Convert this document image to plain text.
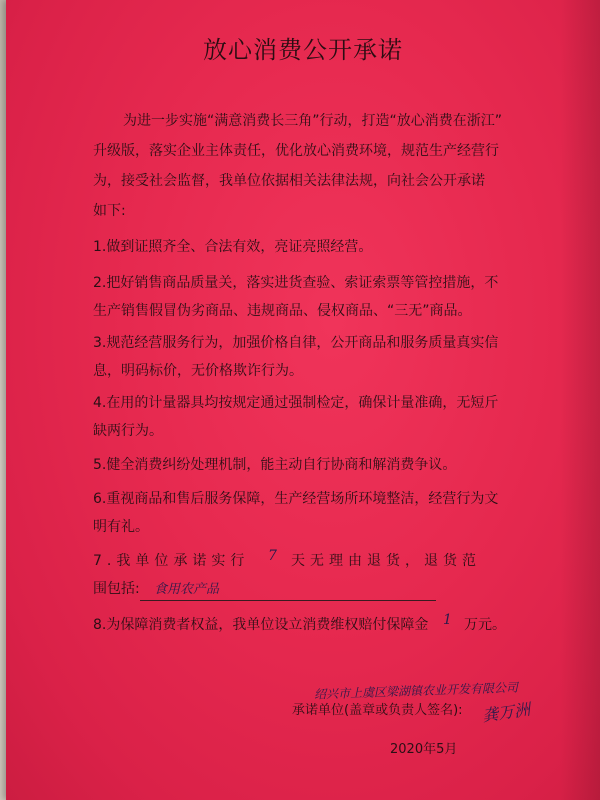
放心消费公开承诺
为进一步实施“满意消费长三角”行动，打造“放心消费在浙江”
升级版，落实企业主体责任，优化放心消费环境，规范生产经营行
为，接受社会监督，我单位依据相关法律法规，向社会公开承诺
如下:
1.做到证照齐全、合法有效，亮证亮照经营。
2.把好销售商品质量关，落实进货查验、索证索票等管控措施，不
生产销售假冒伪劣商品、违规商品、侵权商品、“三无”商品。
3.规范经营服务行为，加强价格自律，公开商品和服务质量真实信
息，明码标价，无价格欺诈行为。
4.在用的计量器具均按规定通过强制检定，确保计量准确，无短斤
缺两行为。
5.健全消费纠纷处理机制，能主动自行协商和解消费争议。
6.重视商品和售后服务保障，生产经营场所环境整洁，经营行为文
明有礼。
7.我单位承诺实行 7 天无理由退货，退货范
围包括: 食用农产品
8.为保障消费者权益，我单位设立消费维权赔付保障金 1 万元。
绍兴市上虞区梁湖镇农业开发有限公司
承诺单位(盖章或负责人签名): 龚万洲
2020年5月
